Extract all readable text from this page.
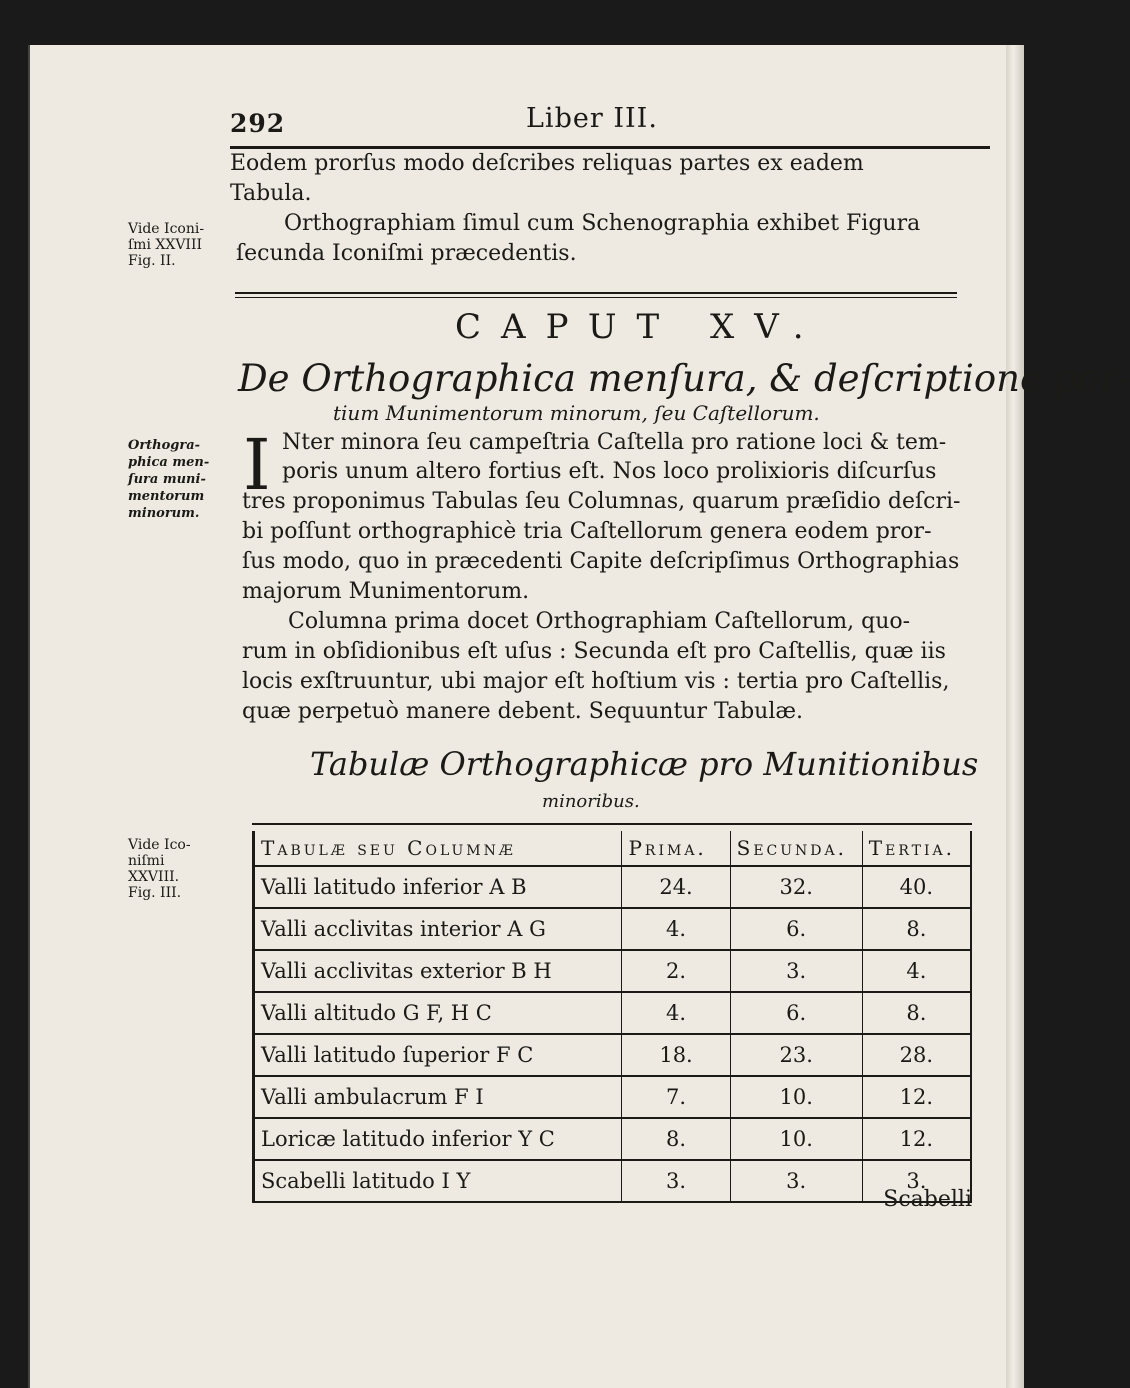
292	Liber III.
Eodem prorſus modo deſcribes reliquas partes ex eadem
Tabula.
Orthographiam ſimul cum Schenographia exhibet Figura
ſecunda Iconiſmi præcedentis.
Vide Iconi-
ſmi XXVIII
Fig. II.
CAPUT XV.
De Orthographica menſura, & deſcriptione par-
tium Munimentorum minorum, ſeu Caſtellorum.
Orthogra-
phica men-
ſura muni-
mentorum
minorum.
I Nter minora ſeu campeſtria Caſtella pro ratione loci & tem-
poris unum altero fortius eſt. Nos loco prolixioris diſcurſus
tres proponimus Tabulas ſeu Columnas, quarum præſidio deſcri-
bi poſſunt orthographicè tria Caſtellorum genera eodem pror-
ſus modo, quo in præcedenti Capite deſcripſimus Orthographias
majorum Munimentorum.
Columna prima docet Orthographiam Caſtellorum, quo-
rum in obſidionibus eſt uſus : Secunda eſt pro Caſtellis, quæ iis
locis exſtruuntur, ubi major eſt hoſtium vis : tertia pro Caſtellis,
quæ perpetuò manere debent. Sequuntur Tabulæ.
Tabulæ Orthographicæ pro Munitionibus
minoribus.
Vide Ico-
niſmi
XXVIII.
Fig. III.
Tabulæ ſeu Columnæ	Prima.	Secunda.	Tertia.
Valli latitudo inferior A B	24.	32.	40.
Valli acclivitas interior A G	4.	6.	8.
Valli acclivitas exterior B H	2.	3.	4.
Valli altitudo G F, H C	4.	6.	8.
Valli latitudo ſuperior F C	18.	23.	28.
Valli ambulacrum F I	7.	10.	12.
Loricæ latitudo inferior Y C	8.	10.	12.
Scabelli latitudo I Y	3.	3.	3.
Scabelli
